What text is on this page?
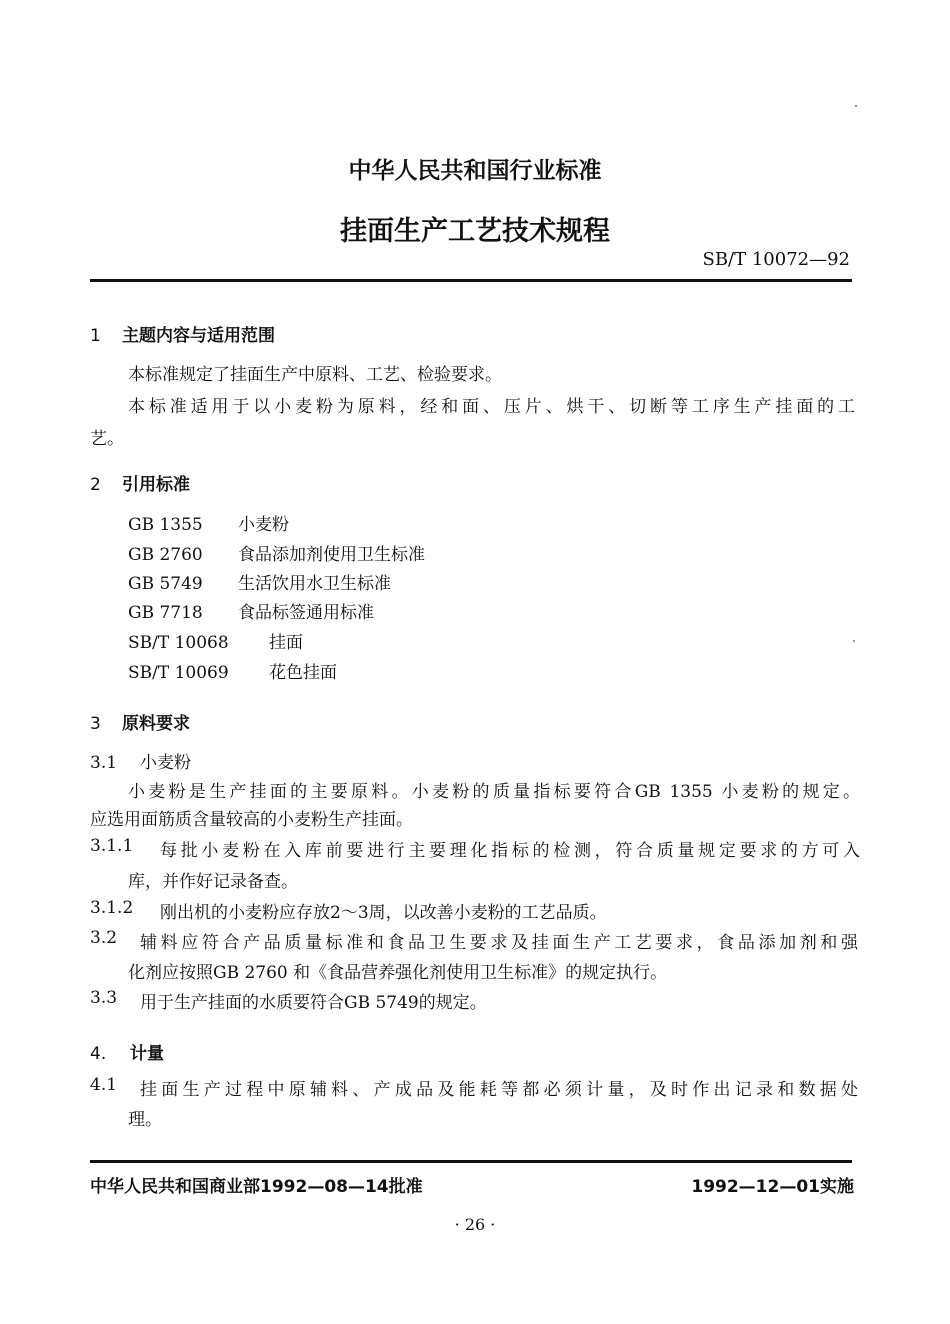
中华人民共和国行业标准
挂面生产工艺技术规程
SB/T 10072—92
1 主题内容与适用范围
本标准规定了挂面生产中原料、工艺、检验要求。
本标准适用于以小麦粉为原料，经和面、压片、烘干、切断等工序生产挂面的工
艺。
2 引用标准
GB 1355 小麦粉
GB 2760 食品添加剂使用卫生标准
GB 5749 生活饮用水卫生标准
GB 7718 食品标签通用标准
SB/T 10068 挂面
SB/T 10069 花色挂面
3 原料要求
3.1 小麦粉
小麦粉是生产挂面的主要原料。小麦粉的质量指标要符合GB 1355 小麦粉的规定。
应选用面筋质含量较高的小麦粉生产挂面。
3.1.1 每批小麦粉在入库前要进行主要理化指标的检测，符合质量规定要求的方可入
库，并作好记录备查。
3.1.2 刚出机的小麦粉应存放2～3周，以改善小麦粉的工艺品质。
3.2 辅料应符合产品质量标准和食品卫生要求及挂面生产工艺要求，食品添加剂和强
化剂应按照GB 2760 和《食品营养强化剂使用卫生标准》的规定执行。
3.3 用于生产挂面的水质要符合GB 5749的规定。
4. 计量
4.1 挂面生产过程中原辅料、产成品及能耗等都必须计量，及时作出记录和数据处
理。
中华人民共和国商业部1992—08—14批准	1992—12—01实施
· 26 ·
